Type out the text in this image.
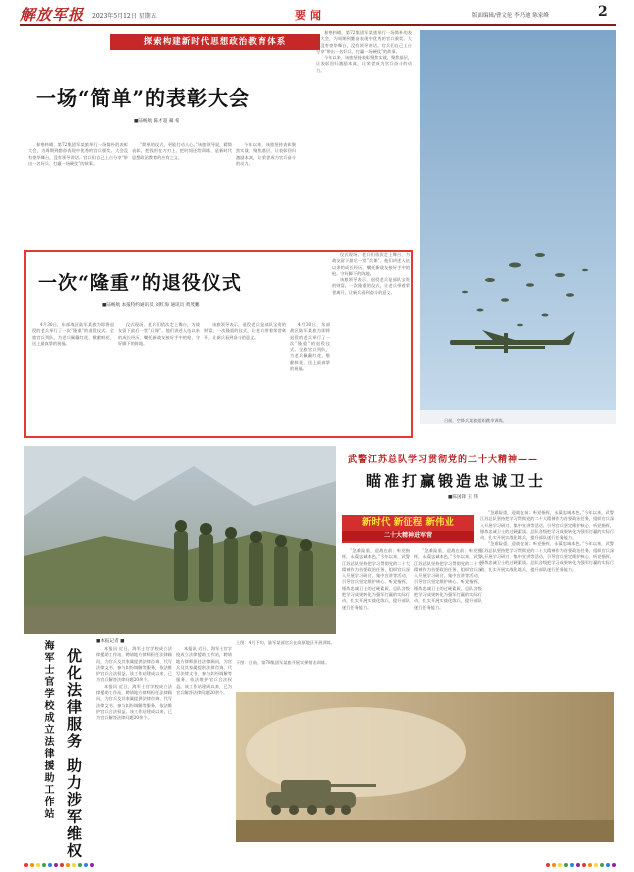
解放军报 2023年5月12日 星期五	要闻	版面编辑/曹文伦 李乃迪 陈家峰	2
探索构建新时代思想政治教育体系
一场“简单”的表彰大会
■陆畅航 陈才超 蔺 希

春寒料峭，第72集团军某旅举行一场简朴的表彰大会，为周期到勤奋表现中优秀的官兵颁奖。大会没有豪华舞台，没有领导讲话。官兵们自己上台分享“带出一名好兵、打赢一场硬仗”的故事。

“简单的仪式，更能打动人心。”该旅领导说，精简表彰，把钱用在刀刃上，把时间还给训练，是新时代思想政治教育的应有之义。

今年以来，该旅坚持表彰聚焦实战、聚焦基层，让表彰回归激励本真，让荣誉成为官兵奋斗的动力。

春寒料峭，第72集团军某旅举行一场简朴的表彰大会，为周期到勤奋表现中优秀的官兵颁奖。大会没有豪华舞台，没有领导讲话。官兵们自己上台分享“带出一名好兵、打赢一场硬仗”的故事。

今年以来，该旅坚持表彰聚焦实战、聚焦基层，让表彰回归激励本真，让荣誉成为官兵奋斗的动力。

一次“隆重”的退役仪式
■陆畅航 本报特约通讯员 刘红海 通讯员 黄茂鹏

4月30日，东部战区陆军某旅为即将退役的老兵举行了一次“隆重”的退役仪式。全旅官兵列队，为老兵佩戴红花、敬献鲜花，送上最真挚的祝福。

仪式现场，老兵们依次走上舞台，为战友留下最后一堂“兵课”。他们讲述入伍以来的成长经历，嘱托新战友接好手中的枪，守好脚下的阵地。

该旅领导表示，退役老兵是部队宝贵的财富，一次隆重的仪式，让老兵带着荣誉离开，让新兵看到奋斗的意义。

4月30日，东部战区陆军某旅为即将退役的老兵举行了一次“隆重”的退役仪式。全旅官兵列队，为老兵佩戴红花、敬献鲜花，送上最真挚的祝福。

仪式现场，老兵们依次走上舞台，为战友留下最后一堂“兵课”。他们讲述入伍以来的成长经历，嘱托新战友接好手中的枪，守好脚下的阵地。

该旅领导表示，退役老兵是部队宝贵的财富，一次隆重的仪式，让老兵带着荣誉离开，让新兵看到奋斗的意义。

日前，空降兵某旅组织跳伞训练。
武警江苏总队学习贯彻党的二十大精神——
瞄准打赢锻造忠诚卫士
■陈国锋 王 伟
新时代 新征程 新伟业
二十大精神进军营

“急难险重，迎战在前；听党指挥，永葆忠诚本色。”今年以来，武警江苏总队坚持把学习贯彻党的二十大精神作为首要政治任务，组织官兵深入开展学习研讨、集中宣讲等活动，引导官兵坚定维护核心、听党指挥，锤炼忠诚卫士的过硬素质。总队各级把学习成果转化为强军打赢的实际行动，扎实开展实战化练兵，提升部队遂行任务能力。

“急难险重，迎战在前；听党指挥，永葆忠诚本色。”今年以来，武警江苏总队坚持把学习贯彻党的二十大精神作为首要政治任务，组织官兵深入开展学习研讨、集中宣讲等活动，引导官兵坚定维护核心、听党指挥，锤炼忠诚卫士的过硬素质。总队各级把学习成果转化为强军打赢的实际行动，扎实开展实战化练兵，提升部队遂行任务能力。

“急难险重，迎战在前；听党指挥，永葆忠诚本色。”今年以来，武警江苏总队坚持把学习贯彻党的二十大精神作为首要政治任务，组织官兵深入开展学习研讨、集中宣讲等活动，引导官兵坚定维护核心、听党指挥，锤炼忠诚卫士的过硬素质。总队各级把学习成果转化为强军打赢的实际行动，扎实开展实战化练兵，提升部队遂行任务能力。

“急难险重，迎战在前；听党指挥，永葆忠诚本色。”今年以来，武警江苏总队坚持把学习贯彻党的二十大精神作为首要政治任务，组织官兵深入开展学习研讨、集中宣讲等活动，引导官兵坚定维护核心、听党指挥，锤炼忠诚卫士的过硬素质。总队各级把学习成果转化为强军打赢的实际行动，扎实开展实战化练兵，提升部队遂行任务能力。

海军士官学校成立法律援助工作站 优化法律服务 助力涉军维权
■本报记者 ■

本报讯 近日，海军士官学校成立法律援助工作站，聘请地方律师担任法律顾问，为官兵及其家属提供法律咨询、代写法律文书、参与纠纷调解等服务，依法维护官兵合法权益。该工作站建成以来，已为官兵解答法律问题20余个。

本报讯 近日，海军士官学校成立法律援助工作站，聘请地方律师担任法律顾问，为官兵及其家属提供法律咨询、代写法律文书、参与纠纷调解等服务，依法维护官兵合法权益。该工作站建成以来，已为官兵解答法律问题20余个。

本报讯 近日，海军士官学校成立法律援助工作站，聘请地方律师担任法律顾问，为官兵及其家属提供法律咨询、代写法律文书、参与纠纷调解等服务，依法维护官兵合法权益。该工作站建成以来，已为官兵解答法律问题20余个。

上图：4月下旬，陆军某部官兵在高原地区开展训练。
下图：日前，第78集团军某旅开展实弹射击训练。
